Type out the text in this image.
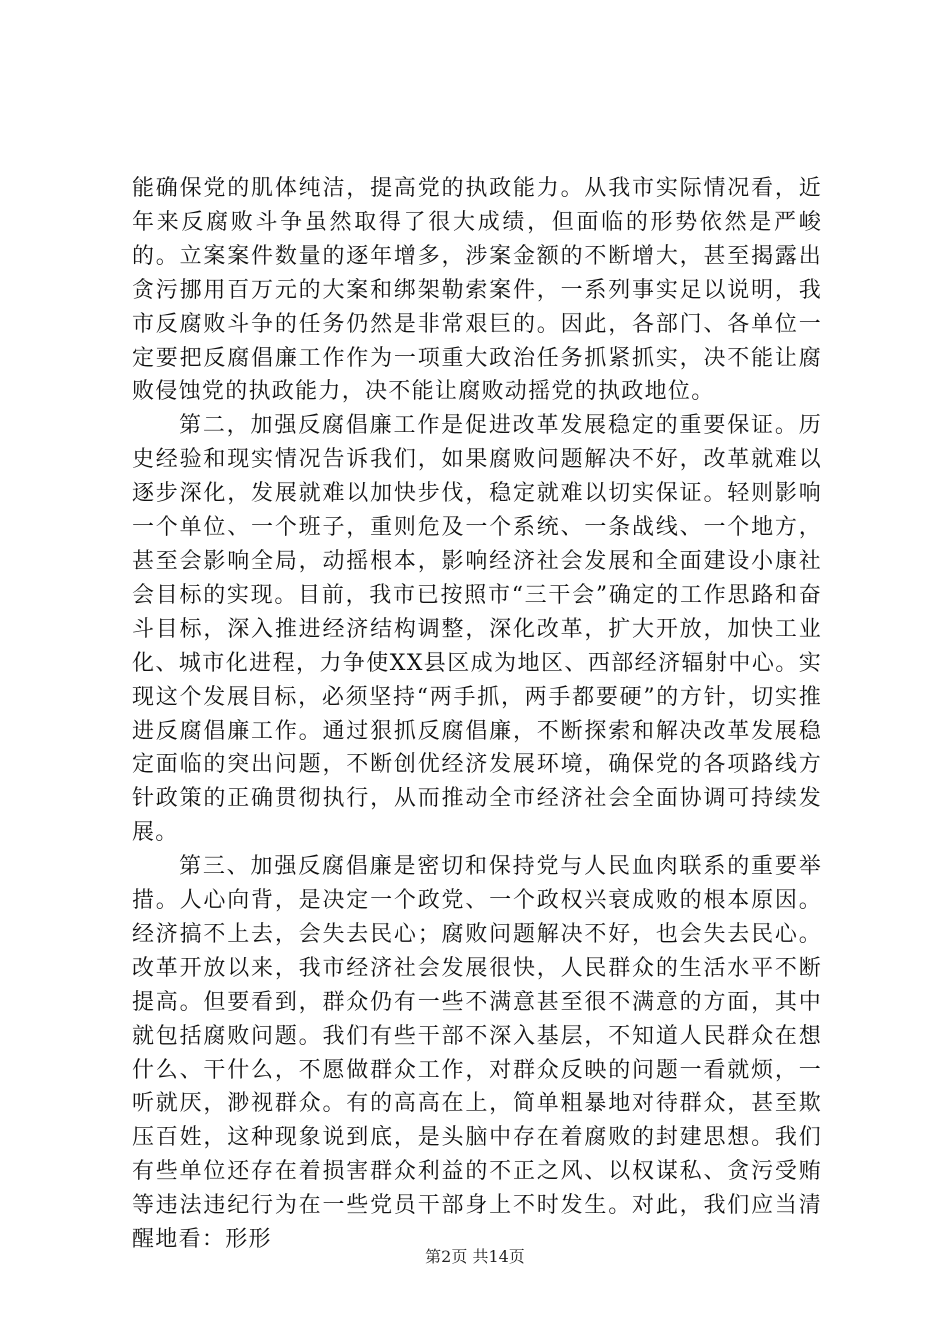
能确保党的肌体纯洁，提高党的执政能力。从我市实际情况看，近年来反腐败斗争虽然取得了很大成绩，但面临的形势依然是严峻的。立案案件数量的逐年增多，涉案金额的不断增大，甚至揭露出贪污挪用百万元的大案和绑架勒索案件，一系列事实足以说明，我市反腐败斗争的任务仍然是非常艰巨的。因此，各部门、各单位一定要把反腐倡廉工作作为一项重大政治任务抓紧抓实，决不能让腐败侵蚀党的执政能力，决不能让腐败动摇党的执政地位。

第二，加强反腐倡廉工作是促进改革发展稳定的重要保证。历史经验和现实情况告诉我们，如果腐败问题解决不好，改革就难以逐步深化，发展就难以加快步伐，稳定就难以切实保证。轻则影响一个单位、一个班子，重则危及一个系统、一条战线、一个地方，甚至会影响全局，动摇根本，影响经济社会发展和全面建设小康社会目标的实现。目前，我市已按照市“三干会”确定的工作思路和奋斗目标，深入推进经济结构调整，深化改革，扩大开放，加快工业化、城市化进程，力争使XX县区成为地区、西部经济辐射中心。实现这个发展目标，必须坚持“两手抓，两手都要硬”的方针，切实推进反腐倡廉工作。通过狠抓反腐倡廉，不断探索和解决改革发展稳定面临的突出问题，不断创优经济发展环境，确保党的各项路线方针政策的正确贯彻执行，从而推动全市经济社会全面协调可持续发展。

第三、加强反腐倡廉是密切和保持党与人民血肉联系的重要举措。人心向背，是决定一个政党、一个政权兴衰成败的根本原因。经济搞不上去，会失去民心；腐败问题解决不好，也会失去民心。改革开放以来，我市经济社会发展很快，人民群众的生活水平不断提高。但要看到，群众仍有一些不满意甚至很不满意的方面，其中就包括腐败问题。我们有些干部不深入基层，不知道人民群众在想什么、干什么，不愿做群众工作，对群众反映的问题一看就烦，一听就厌，渺视群众。有的高高在上，简单粗暴地对待群众，甚至欺压百姓，这种现象说到底，是头脑中存在着腐败的封建思想。我们有些单位还存在着损害群众利益的不正之风、以权谋私、贪污受贿等违法违纪行为在一些党员干部身上不时发生。对此，我们应当清醒地看：形形

第2页 共14页
